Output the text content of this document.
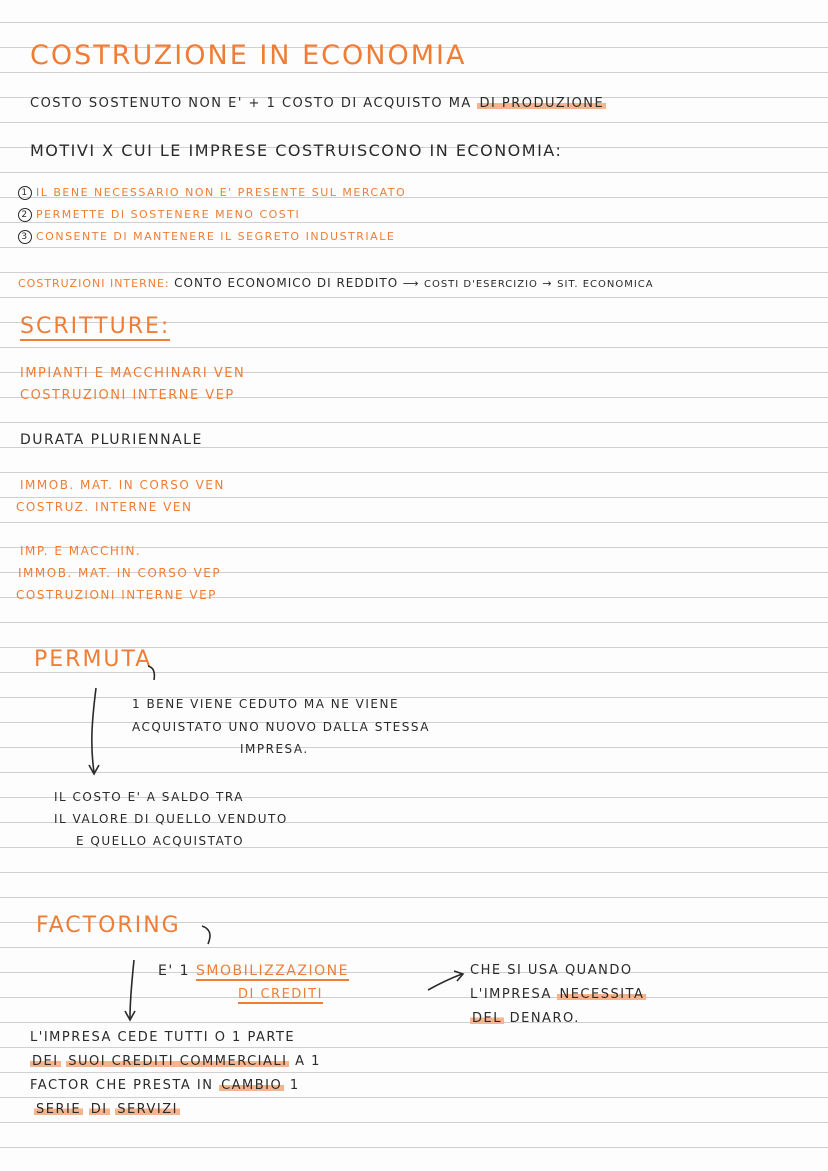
COSTRUZIONE IN ECONOMIA
COSTO SOSTENUTO NON E' + 1 COSTO DI ACQUISTO MA DI PRODUZIONE
MOTIVI X CUI LE IMPRESE COSTRUISCONO IN ECONOMIA:
1 IL BENE NECESSARIO NON E' PRESENTE SUL MERCATO
2 PERMETTE DI SOSTENERE MENO COSTI
3 CONSENTE DI MANTENERE IL SEGRETO INDUSTRIALE
COSTRUZIONI INTERNE: CONTO ECONOMICO DI REDDITO ⟶ COSTI D'ESERCIZIO → SIT. ECONOMICA
SCRITTURE:
IMPIANTI E MACCHINARI VEN
COSTRUZIONI INTERNE VEP
DURATA PLURIENNALE
IMMOB. MAT. IN CORSO VEN
COSTRUZ. INTERNE VEN
IMP. E MACCHIN.
IMMOB. MAT. IN CORSO VEP
COSTRUZIONI INTERNE VEP
PERMUTA
1 BENE VIENE CEDUTO MA NE VIENE
ACQUISTATO UNO NUOVO DALLA STESSA
IMPRESA.
IL COSTO E' A SALDO TRA
IL VALORE DI QUELLO VENDUTO
E QUELLO ACQUISTATO
FACTORING
E' 1 SMOBILIZZAZIONE
DI CREDITI
CHE SI USA QUANDO
L'IMPRESA NECESSITA
DEL DENARO.
L'IMPRESA CEDE TUTTI O 1 PARTE
DEI SUOI CREDITI COMMERCIALI A 1
FACTOR CHE PRESTA IN CAMBIO 1
SERIE DI SERVIZI
